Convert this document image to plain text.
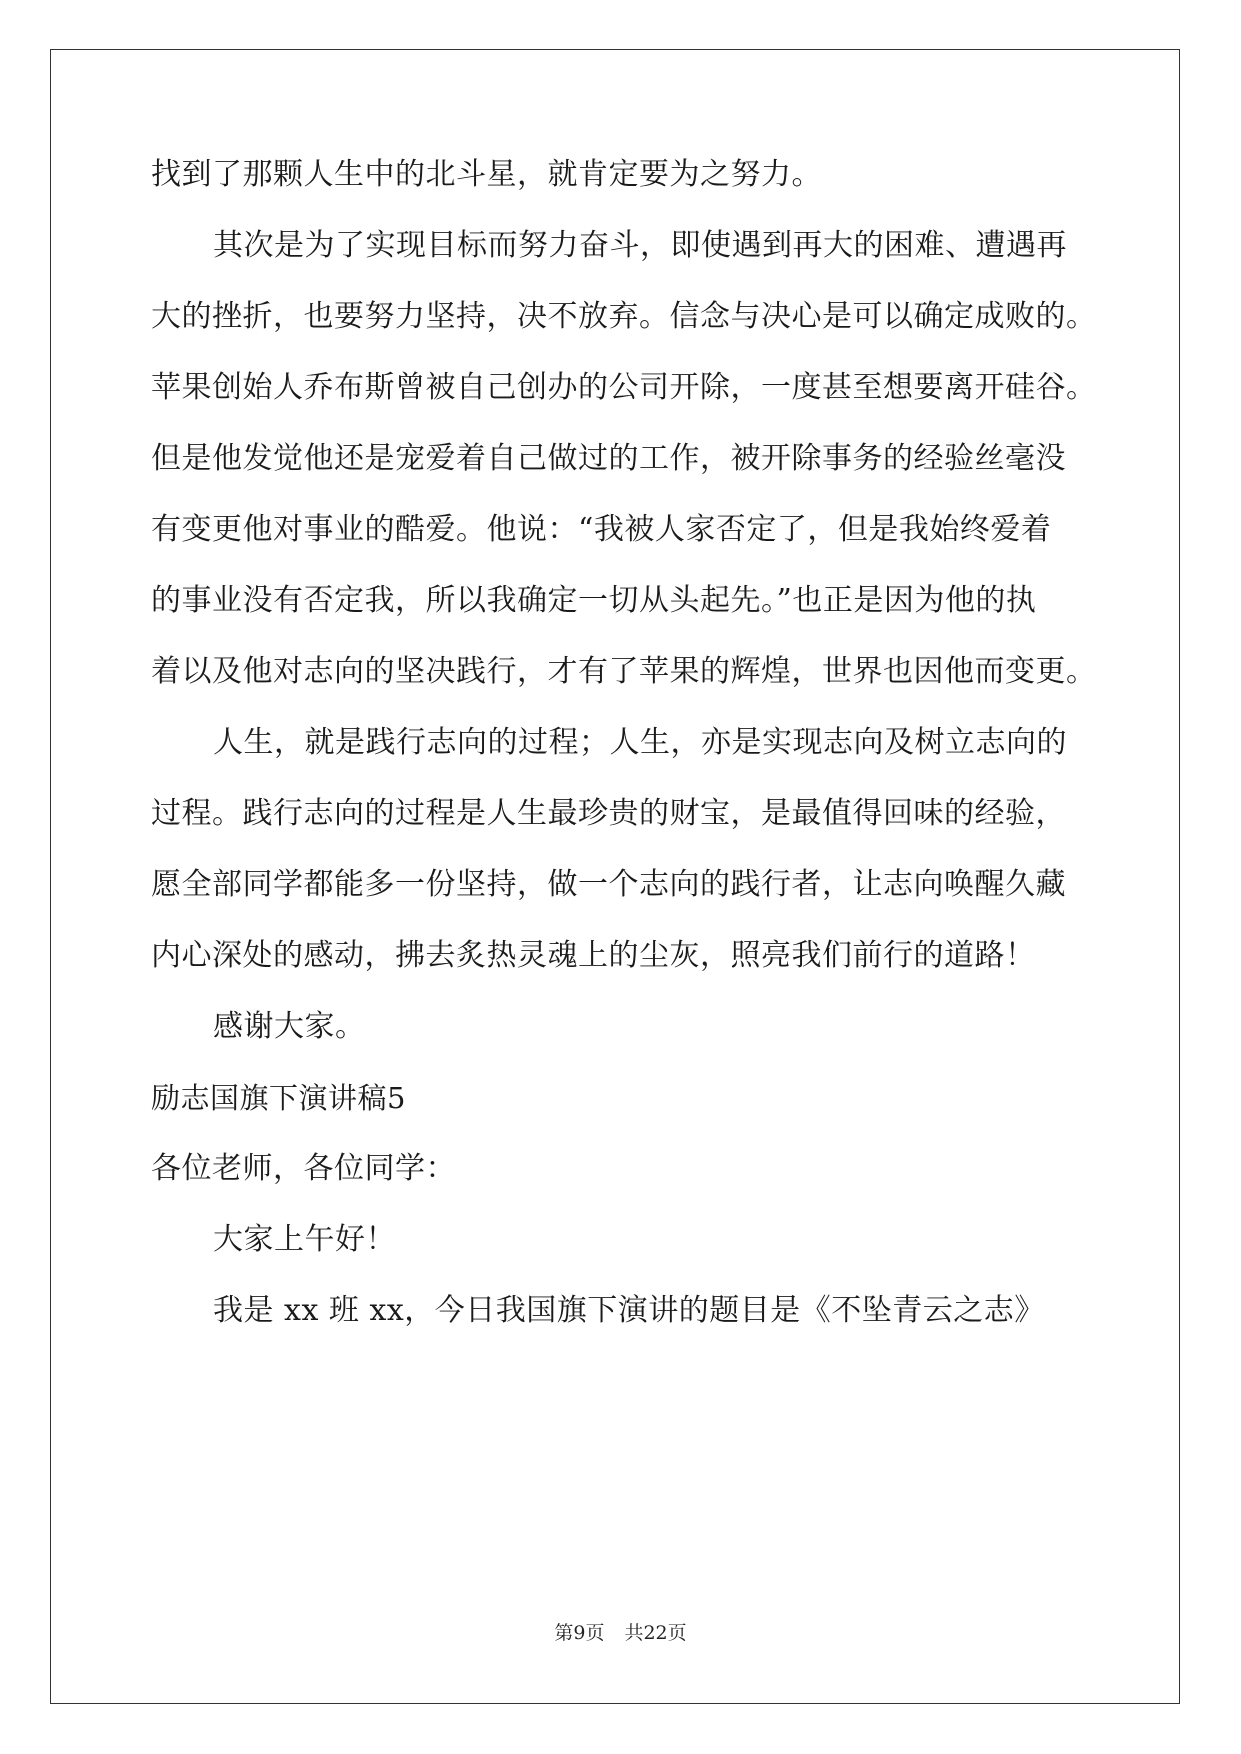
找到了那颗人生中的北斗星，就肯定要为之努力。
其次是为了实现目标而努力奋斗，即使遇到再大的困难、遭遇再
大的挫折，也要努力坚持，决不放弃。信念与决心是可以确定成败的。
苹果创始人乔布斯曾被自己创办的公司开除，一度甚至想要离开硅谷。
但是他发觉他还是宠爱着自己做过的工作，被开除事务的经验丝毫没
有变更他对事业的酷爱。他说：“我被人家否定了，但是我始终爱着
的事业没有否定我，所以我确定一切从头起先。”也正是因为他的执
着以及他对志向的坚决践行，才有了苹果的辉煌，世界也因他而变更。
人生，就是践行志向的过程；人生，亦是实现志向及树立志向的
过程。践行志向的过程是人生最珍贵的财宝，是最值得回味的经验，
愿全部同学都能多一份坚持，做一个志向的践行者，让志向唤醒久藏
内心深处的感动，拂去炙热灵魂上的尘灰，照亮我们前行的道路！
感谢大家。
励志国旗下演讲稿5
各位老师，各位同学：
大家上午好！
我是 xx 班 xx，今日我国旗下演讲的题目是《不坠青云之志》
第9页 共22页
